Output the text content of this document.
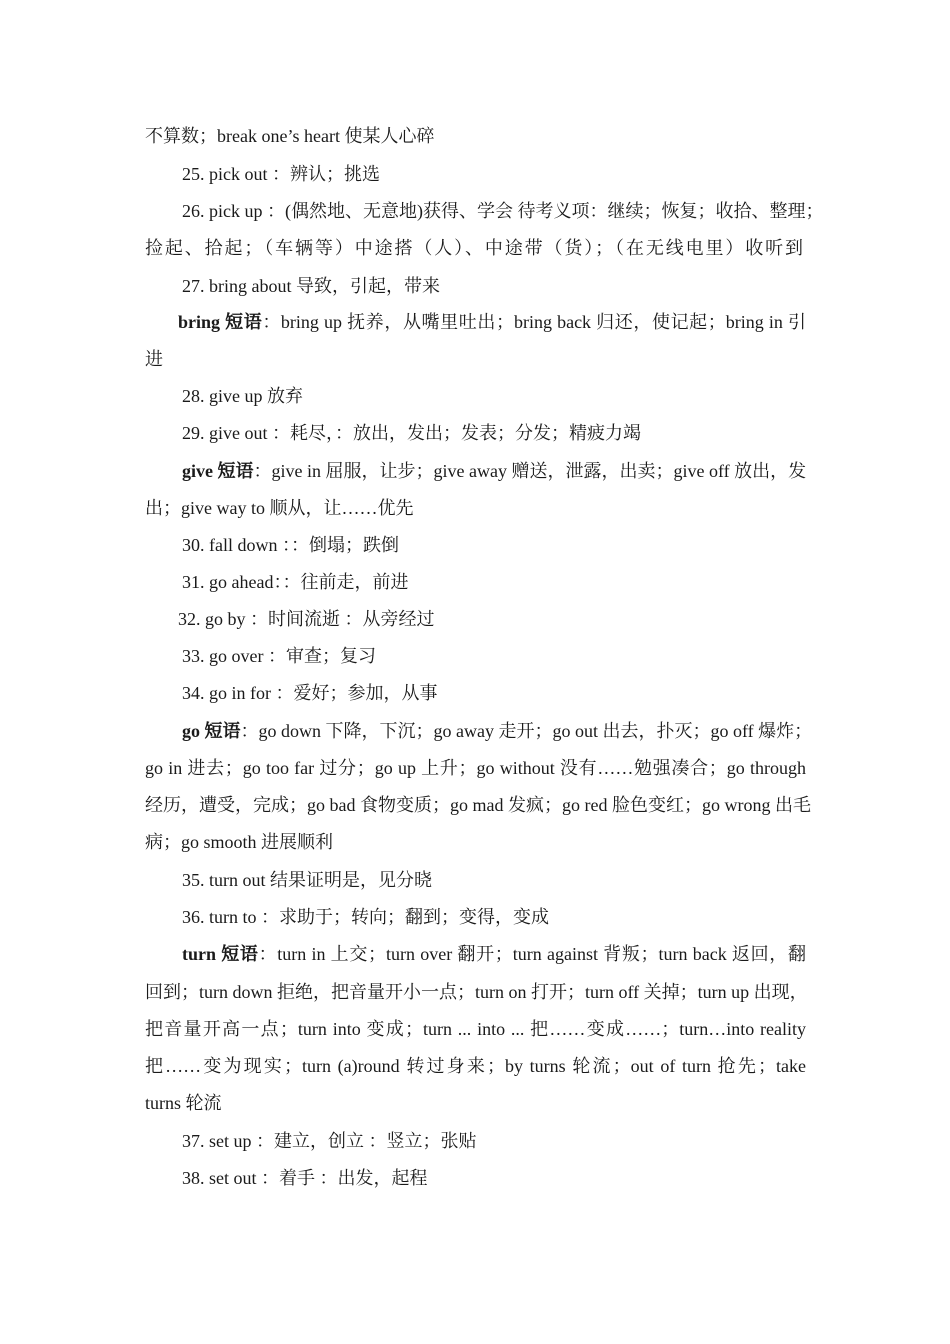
不算数；break one’s heart 使某人心碎
25. pick out ：辨认；挑选
26. pick up ：(偶然地、无意地)获得、学会 待考义项：继续；恢复；收拾、整理；
捡起、拾起；（车辆等）中途搭（人）、中途带（货）；（在无线电里）收听到
27. bring about 导致，引起，带来
bring 短语：bring up 抚养，从嘴里吐出；bring back 归还，使记起；bring in 引
进
28. give up 放弃
29. give out ：耗尽，：放出，发出；发表；分发；精疲力竭
give 短语：give in 屈服，让步；give away 赠送，泄露，出卖；give off 放出，发
出；give way to 顺从，让……优先
30. fall down ：：倒塌；跌倒
31. go ahead：：往前走，前进
32. go by ：时间流逝 ：从旁经过
33. go over ：审查；复习
34. go in for ：爱好；参加，从事
go 短语：go down 下降，下沉；go away 走开；go out 出去，扑灭；go off 爆炸；
go in 进去；go too far 过分；go up 上升；go without 没有……勉强凑合；go through
经历，遭受，完成；go bad 食物变质；go mad 发疯；go red 脸色变红；go wrong 出毛
病；go smooth 进展顺利
35. turn out 结果证明是，见分晓
36. turn to ：求助于；转向；翻到；变得，变成
turn 短语：turn in 上交；turn over 翻开；turn against 背叛；turn back 返回，翻
回到；turn down 拒绝，把音量开小一点；turn on 打开；turn off 关掉；turn up 出现，
把音量开高一点；turn into 变成；turn ... into ... 把……变成……；turn…into reality
把……变为现实；turn (a)round 转过身来；by turns 轮流；out of turn 抢先；take
turns 轮流
37. set up ：建立，创立 ：竖立；张贴
38. set out ：着手 ：出发，起程
